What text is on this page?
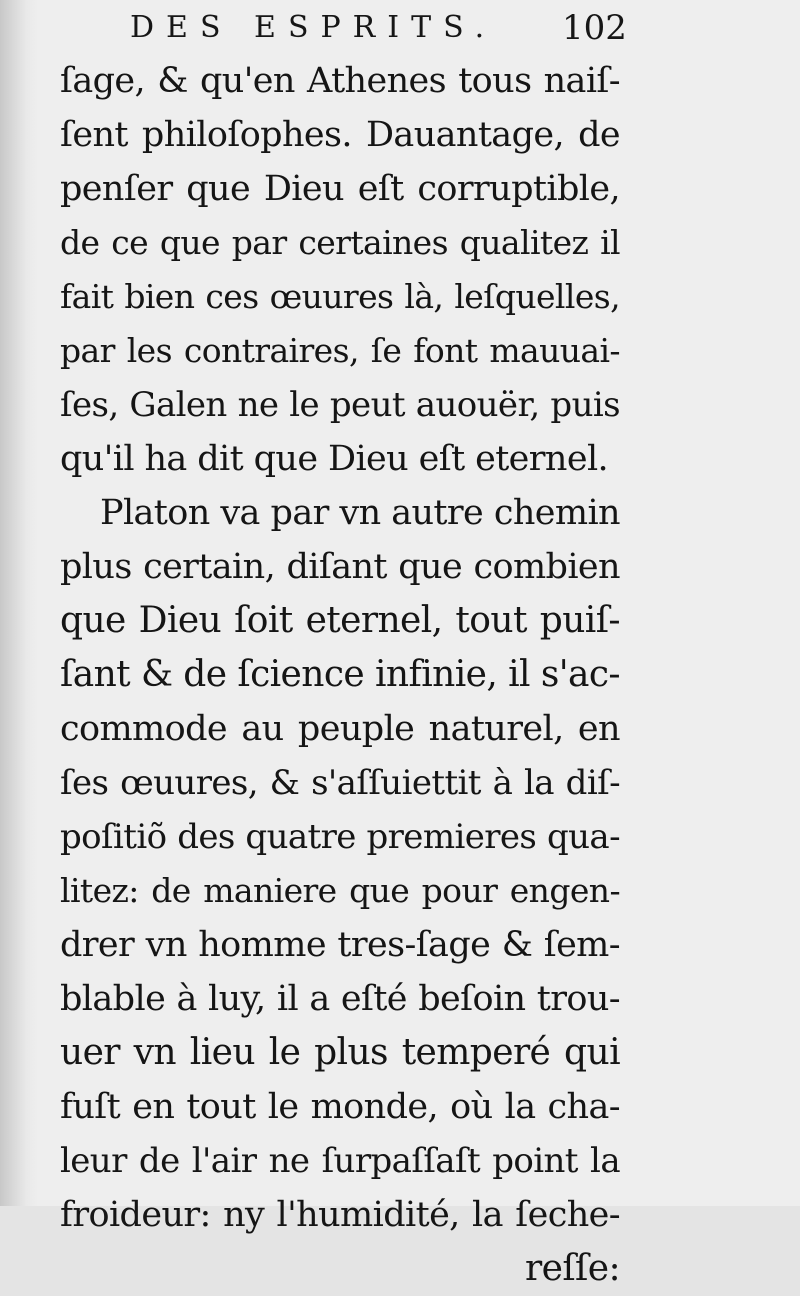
DES ESPRITS. 102
ſage, & qu'en Athenes tous naiſ-
ſent philoſophes. Dauantage, de
penſer que Dieu eſt corruptible,
de ce que par certaines qualitez il
fait bien ces œuures là, leſquelles,
par les contraires, ſe font mauuai-
ſes, Galen ne le peut auouër, puis
qu'il ha dit que Dieu eſt eternel.
Platon va par vn autre chemin
plus certain, diſant que combien
que Dieu ſoit eternel, tout puiſ-
ſant & de ſcience infinie, il s'ac-
commode au peuple naturel, en
ſes œuures, & s'aſſuiettit à la diſ-
poſitiõ des quatre premieres qua-
litez: de maniere que pour engen-
drer vn homme tres-ſage & ſem-
blable à luy, il a eſté beſoin trou-
uer vn lieu le plus temperé qui
fuſt en tout le monde, où la cha-
leur de l'air ne ſurpaſſaſt point la
froideur: ny l'humidité, la ſeche-
reſſe:
